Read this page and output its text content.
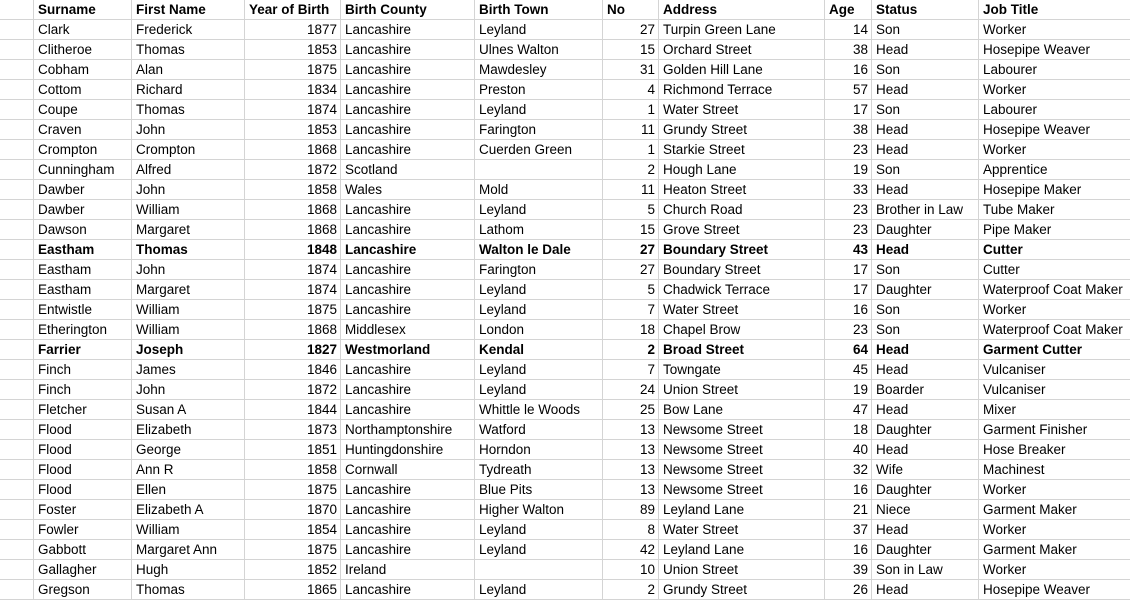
Surname	First Name	Year of Birth	Birth County	Birth Town	No	Address	Age	Status	Job Title
Clark	Frederick	1877 Lancashire	Leyland	27 Turpin Green Lane	14 Son	Worker
Clitheroe	Thomas	1853 Lancashire	Ulnes Walton	15 Orchard Street	38 Head	Hosepipe Weaver
Cobham	Alan	1875 Lancashire	Mawdesley	31 Golden Hill Lane	16 Son	Labourer
Cottom	Richard	1834 Lancashire	Preston	4 Richmond Terrace	57 Head	Worker
Coupe	Thomas	1874 Lancashire	Leyland	1 Water Street	17 Son	Labourer
Craven	John	1853 Lancashire	Farington	11 Grundy Street	38 Head	Hosepipe Weaver
Crompton	Crompton	1868 Lancashire	Cuerden Green	1 Starkie Street	23 Head	Worker
Cunningham	Alfred	1872 Scotland	2 Hough Lane	19 Son	Apprentice
Dawber	John	1858 Wales	Mold	11 Heaton Street	33 Head	Hosepipe Maker
Dawber	William	1868 Lancashire	Leyland	5 Church Road	23 Brother in Law	Tube Maker
Dawson	Margaret	1868 Lancashire	Lathom	15 Grove Street	23 Daughter	Pipe Maker
Eastham	Thomas	1848 Lancashire	Walton le Dale	27 Boundary Street	43 Head	Cutter
Eastham	John	1874 Lancashire	Farington	27 Boundary Street	17 Son	Cutter
Eastham	Margaret	1874 Lancashire	Leyland	5 Chadwick Terrace	17 Daughter	Waterproof Coat Maker
Entwistle	William	1875 Lancashire	Leyland	7 Water Street	16 Son	Worker
Etherington	William	1868 Middlesex	London	18 Chapel Brow	23 Son	Waterproof Coat Maker
Farrier	Joseph	1827 Westmorland	Kendal	2 Broad Street	64 Head	Garment Cutter
Finch	James	1846 Lancashire	Leyland	7 Towngate	45 Head	Vulcaniser
Finch	John	1872 Lancashire	Leyland	24 Union Street	19 Boarder	Vulcaniser
Fletcher	Susan A	1844 Lancashire	Whittle le Woods	25 Bow Lane	47 Head	Mixer
Flood	Elizabeth	1873 Northamptonshire	Watford	13 Newsome Street	18 Daughter	Garment Finisher
Flood	George	1851 Huntingdonshire	Horndon	13 Newsome Street	40 Head	Hose Breaker
Flood	Ann R	1858 Cornwall	Tydreath	13 Newsome Street	32 Wife	Machinest
Flood	Ellen	1875 Lancashire	Blue Pits	13 Newsome Street	16 Daughter	Worker
Foster	Elizabeth A	1870 Lancashire	Higher Walton	89 Leyland Lane	21 Niece	Garment Maker
Fowler	William	1854 Lancashire	Leyland	8 Water Street	37 Head	Worker
Gabbott	Margaret Ann	1875 Lancashire	Leyland	42 Leyland Lane	16 Daughter	Garment Maker
Gallagher	Hugh	1852 Ireland	10 Union Street	39 Son in Law	Worker
Gregson	Thomas	1865 Lancashire	Leyland	2 Grundy Street	26 Head	Hosepipe Weaver
